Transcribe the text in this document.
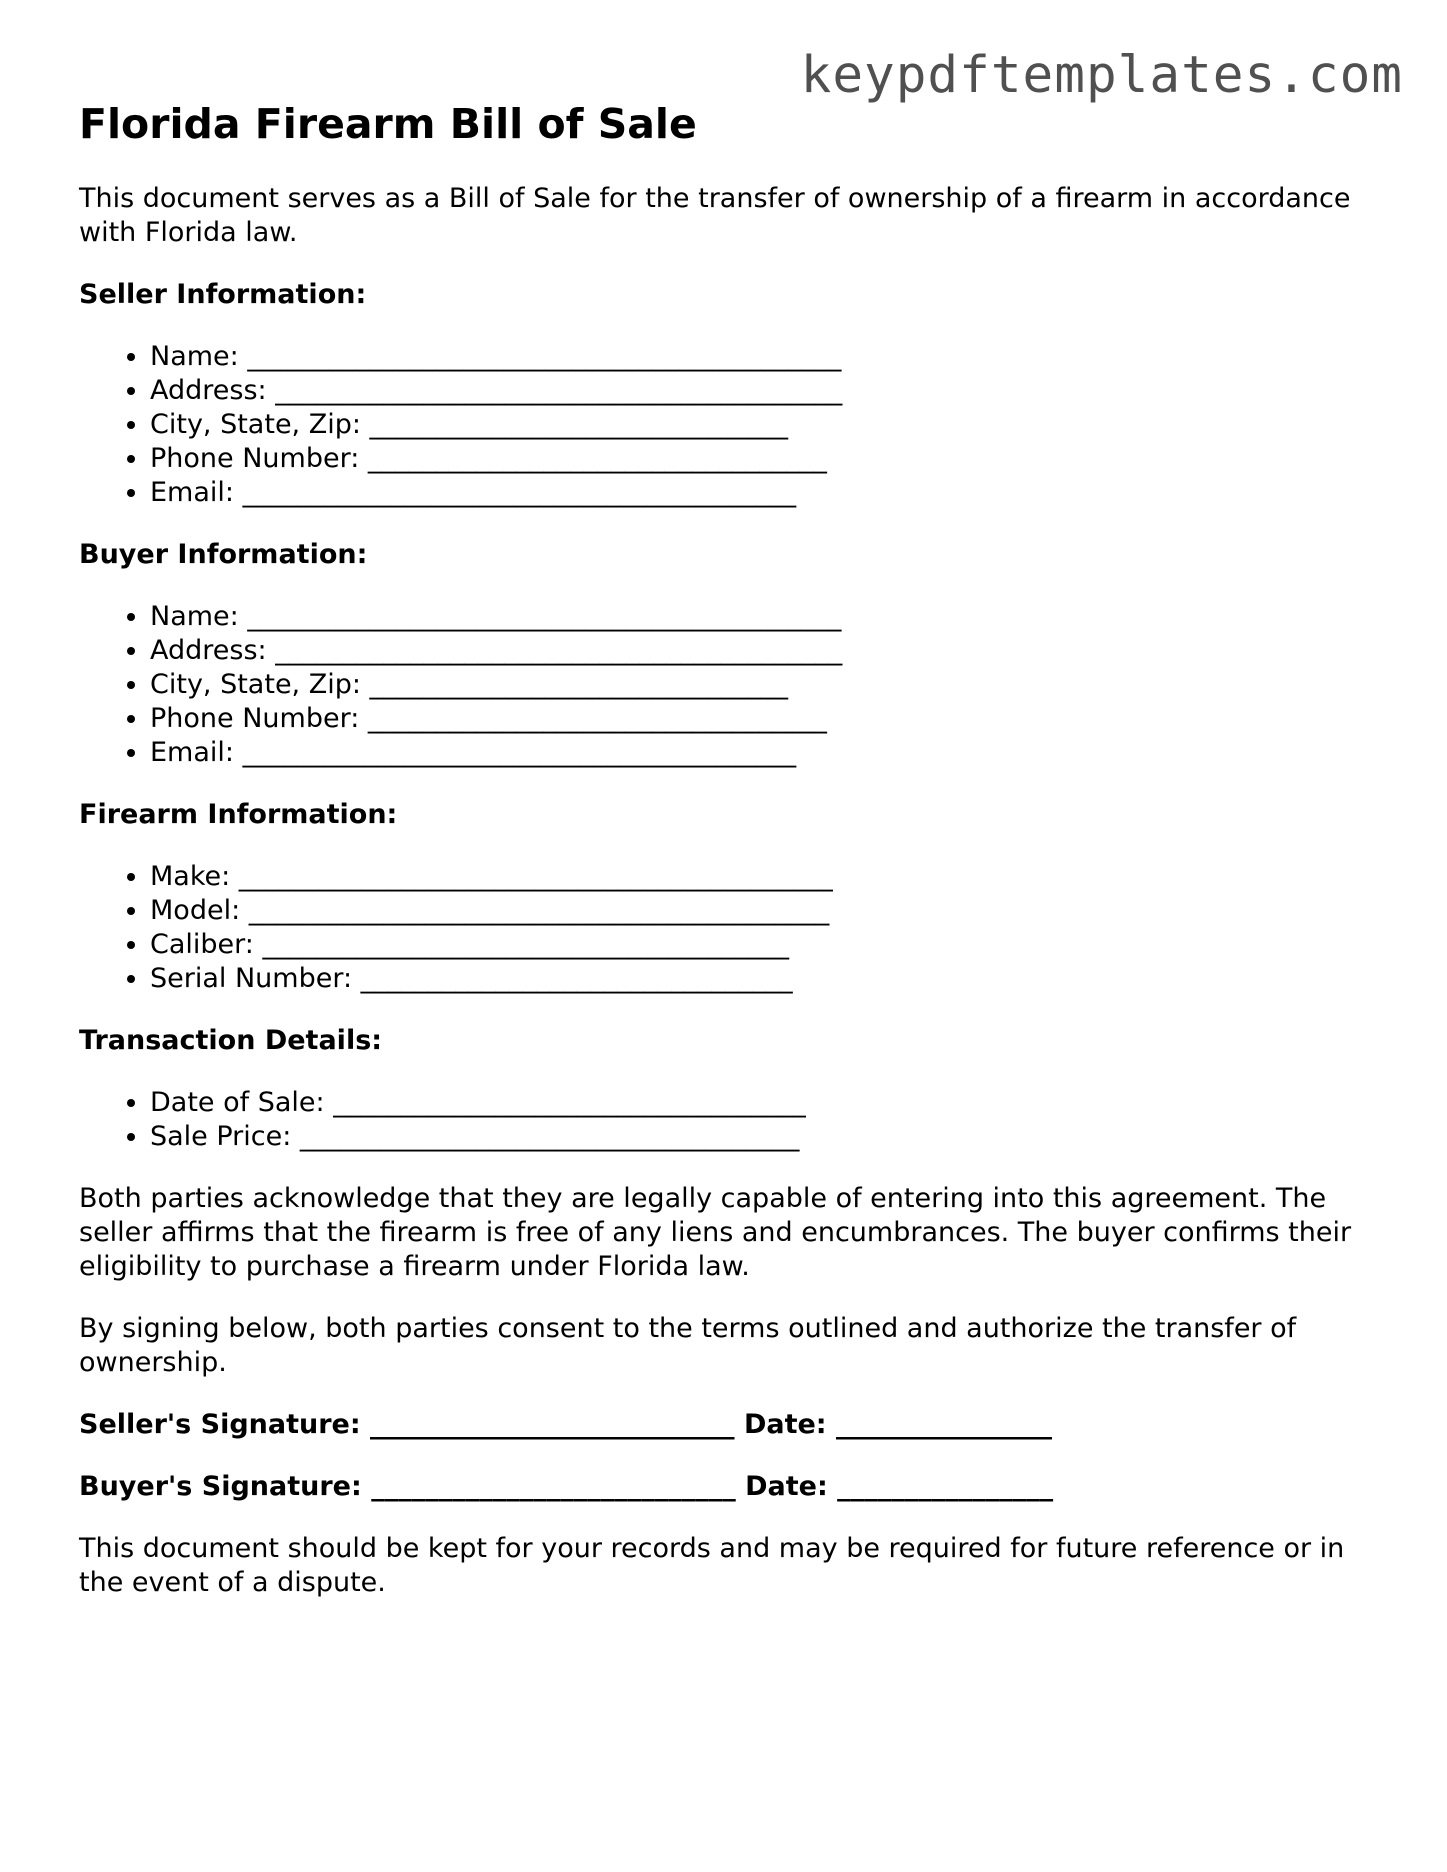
keypdftemplates.com
Florida Firearm Bill of Sale

This document serves as a Bill of Sale for the transfer of ownership of a firearm in accordance with Florida law.

Seller Information:
• Name: ____________________________________________
• Address: __________________________________________
• City, State, Zip: _______________________________
• Phone Number: __________________________________
• Email: _________________________________________
Buyer Information:
• Name: ____________________________________________
• Address: __________________________________________
• City, State, Zip: _______________________________
• Phone Number: __________________________________
• Email: _________________________________________
Firearm Information:
• Make: ____________________________________________
• Model: ___________________________________________
• Caliber: _______________________________________
• Serial Number: ________________________________
Transaction Details:
• Date of Sale: ___________________________________
• Sale Price: _____________________________________

Both parties acknowledge that they are legally capable of entering into this agreement. The seller affirms that the firearm is free of any liens and encumbrances. The buyer confirms their eligibility to purchase a firearm under Florida law.

By signing below, both parties consent to the terms outlined and authorize the transfer of ownership.

Seller's Signature: ___________________________ Date: ________________
Buyer's Signature: ___________________________ Date: ________________

This document should be kept for your records and may be required for future reference or in the event of a dispute.
